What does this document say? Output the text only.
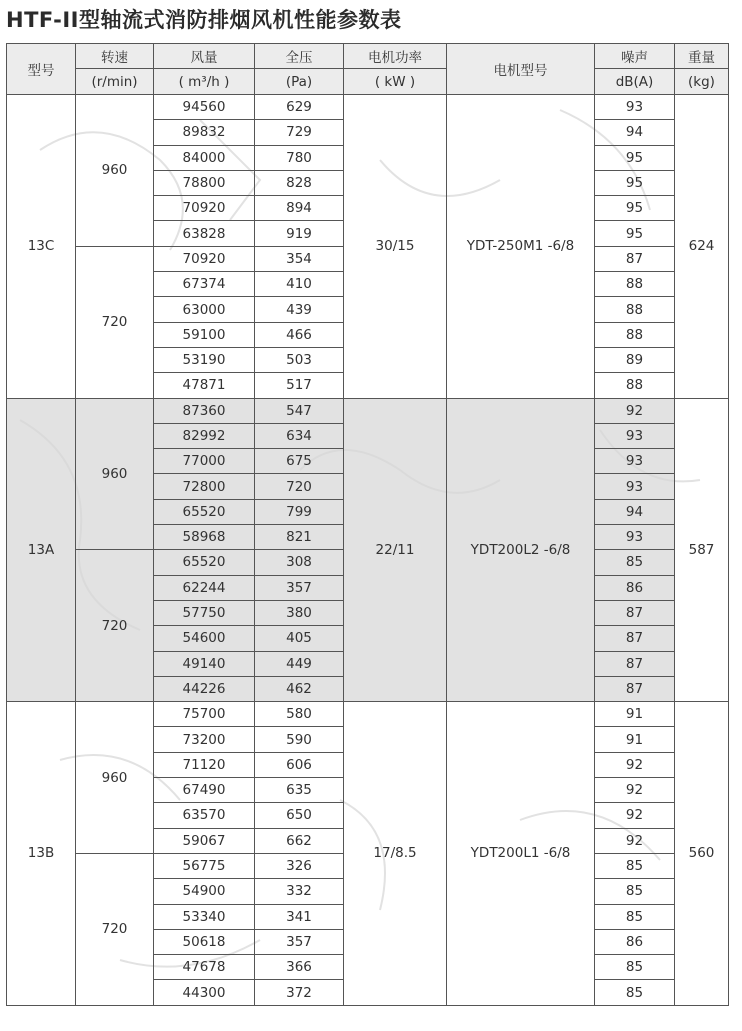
HTF-II型轴流式消防排烟风机性能参数表
型号	转速	风量	全压	电机功率	电机型号	噪声	重量
	(r/min)	( m³/h )	(Pa)	( kW )		dB(A)	(kg)
13C	960	94560	629	30/15	YDT-250M1 -6/8	93	624
		89832	729			94	
		84000	780			95	
		78800	828			95	
		70920	894			95	
		63828	919			95	
	720	70920	354			87	
		67374	410			88	
		63000	439			88	
		59100	466			88	
		53190	503			89	
		47871	517			88	
13A	960	87360	547	22/11	YDT200L2 -6/8	92	587
		82992	634			93	
		77000	675			93	
		72800	720			93	
		65520	799			94	
		58968	821			93	
	720	65520	308			85	
		62244	357			86	
		57750	380			87	
		54600	405			87	
		49140	449			87	
		44226	462			87	
13B	960	75700	580	17/8.5	YDT200L1 -6/8	91	560
		73200	590			91	
		71120	606			92	
		67490	635			92	
		63570	650			92	
		59067	662			92	
	720	56775	326			85	
		54900	332			85	
		53340	341			85	
		50618	357			86	
		47678	366			85	
		44300	372			85	
